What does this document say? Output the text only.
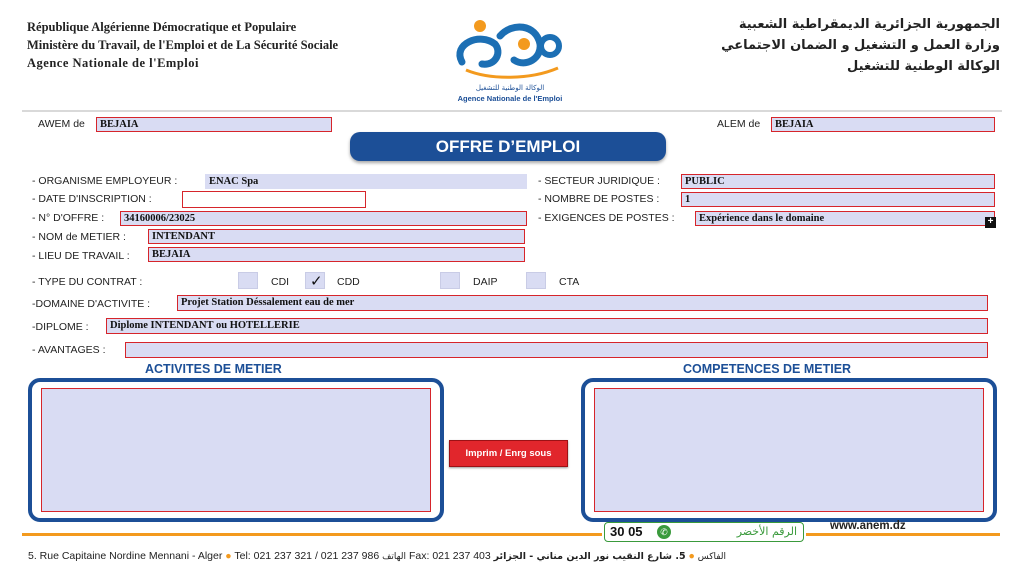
République Algérienne Démocratique et Populaire
Ministère du Travail, de l'Emploi et de La Sécurité Sociale
Agence Nationale de l'Emploi
الوكالة الوطنية للتشغيل
Agence Nationale de l'Emploi
الجمهورية الجزائرية الديمقراطية الشعبية
وزارة العمل و التشغيل و الضمان الاجتماعي
الوكالة الوطنية للتشغيل
AWEM de	BEJAIA	ALEM de	BEJAIA
OFFRE D’EMPLOI
- ORGANISME EMPLOYEUR :	ENAC Spa
- DATE D'INSCRIPTION :
- N° D'OFFRE :	34160006/23025
- NOM de METIER :	INTENDANT
- LIEU DE TRAVAIL :	BEJAIA
- SECTEUR JURIDIQUE :	PUBLIC
- NOMBRE DE POSTES :	1
- EXIGENCES DE POSTES :	Expérience dans le domaine	+
- TYPE DU CONTRAT :	CDI ✓ CDD	DAIP	CTA
-DOMAINE D'ACTIVITE :	Projet Station Déssalement eau de mer
-DIPLOME :	Diplome INTENDANT ou HOTELLERIE
- AVANTAGES :
ACTIVITES DE METIER	COMPETENCES DE METIER
Imprim / Enrg sous
30 05	✆	الرقم الأخضر	www.anem.dz
5. Rue Capitaine Nordine Mennani - Alger ● Tel: 021 237 321 / 021 237 986 الهاتف Fax: 021 237 403	الفاكس ● 5. شارع النقيب نور الدين مناني - الجزائر
